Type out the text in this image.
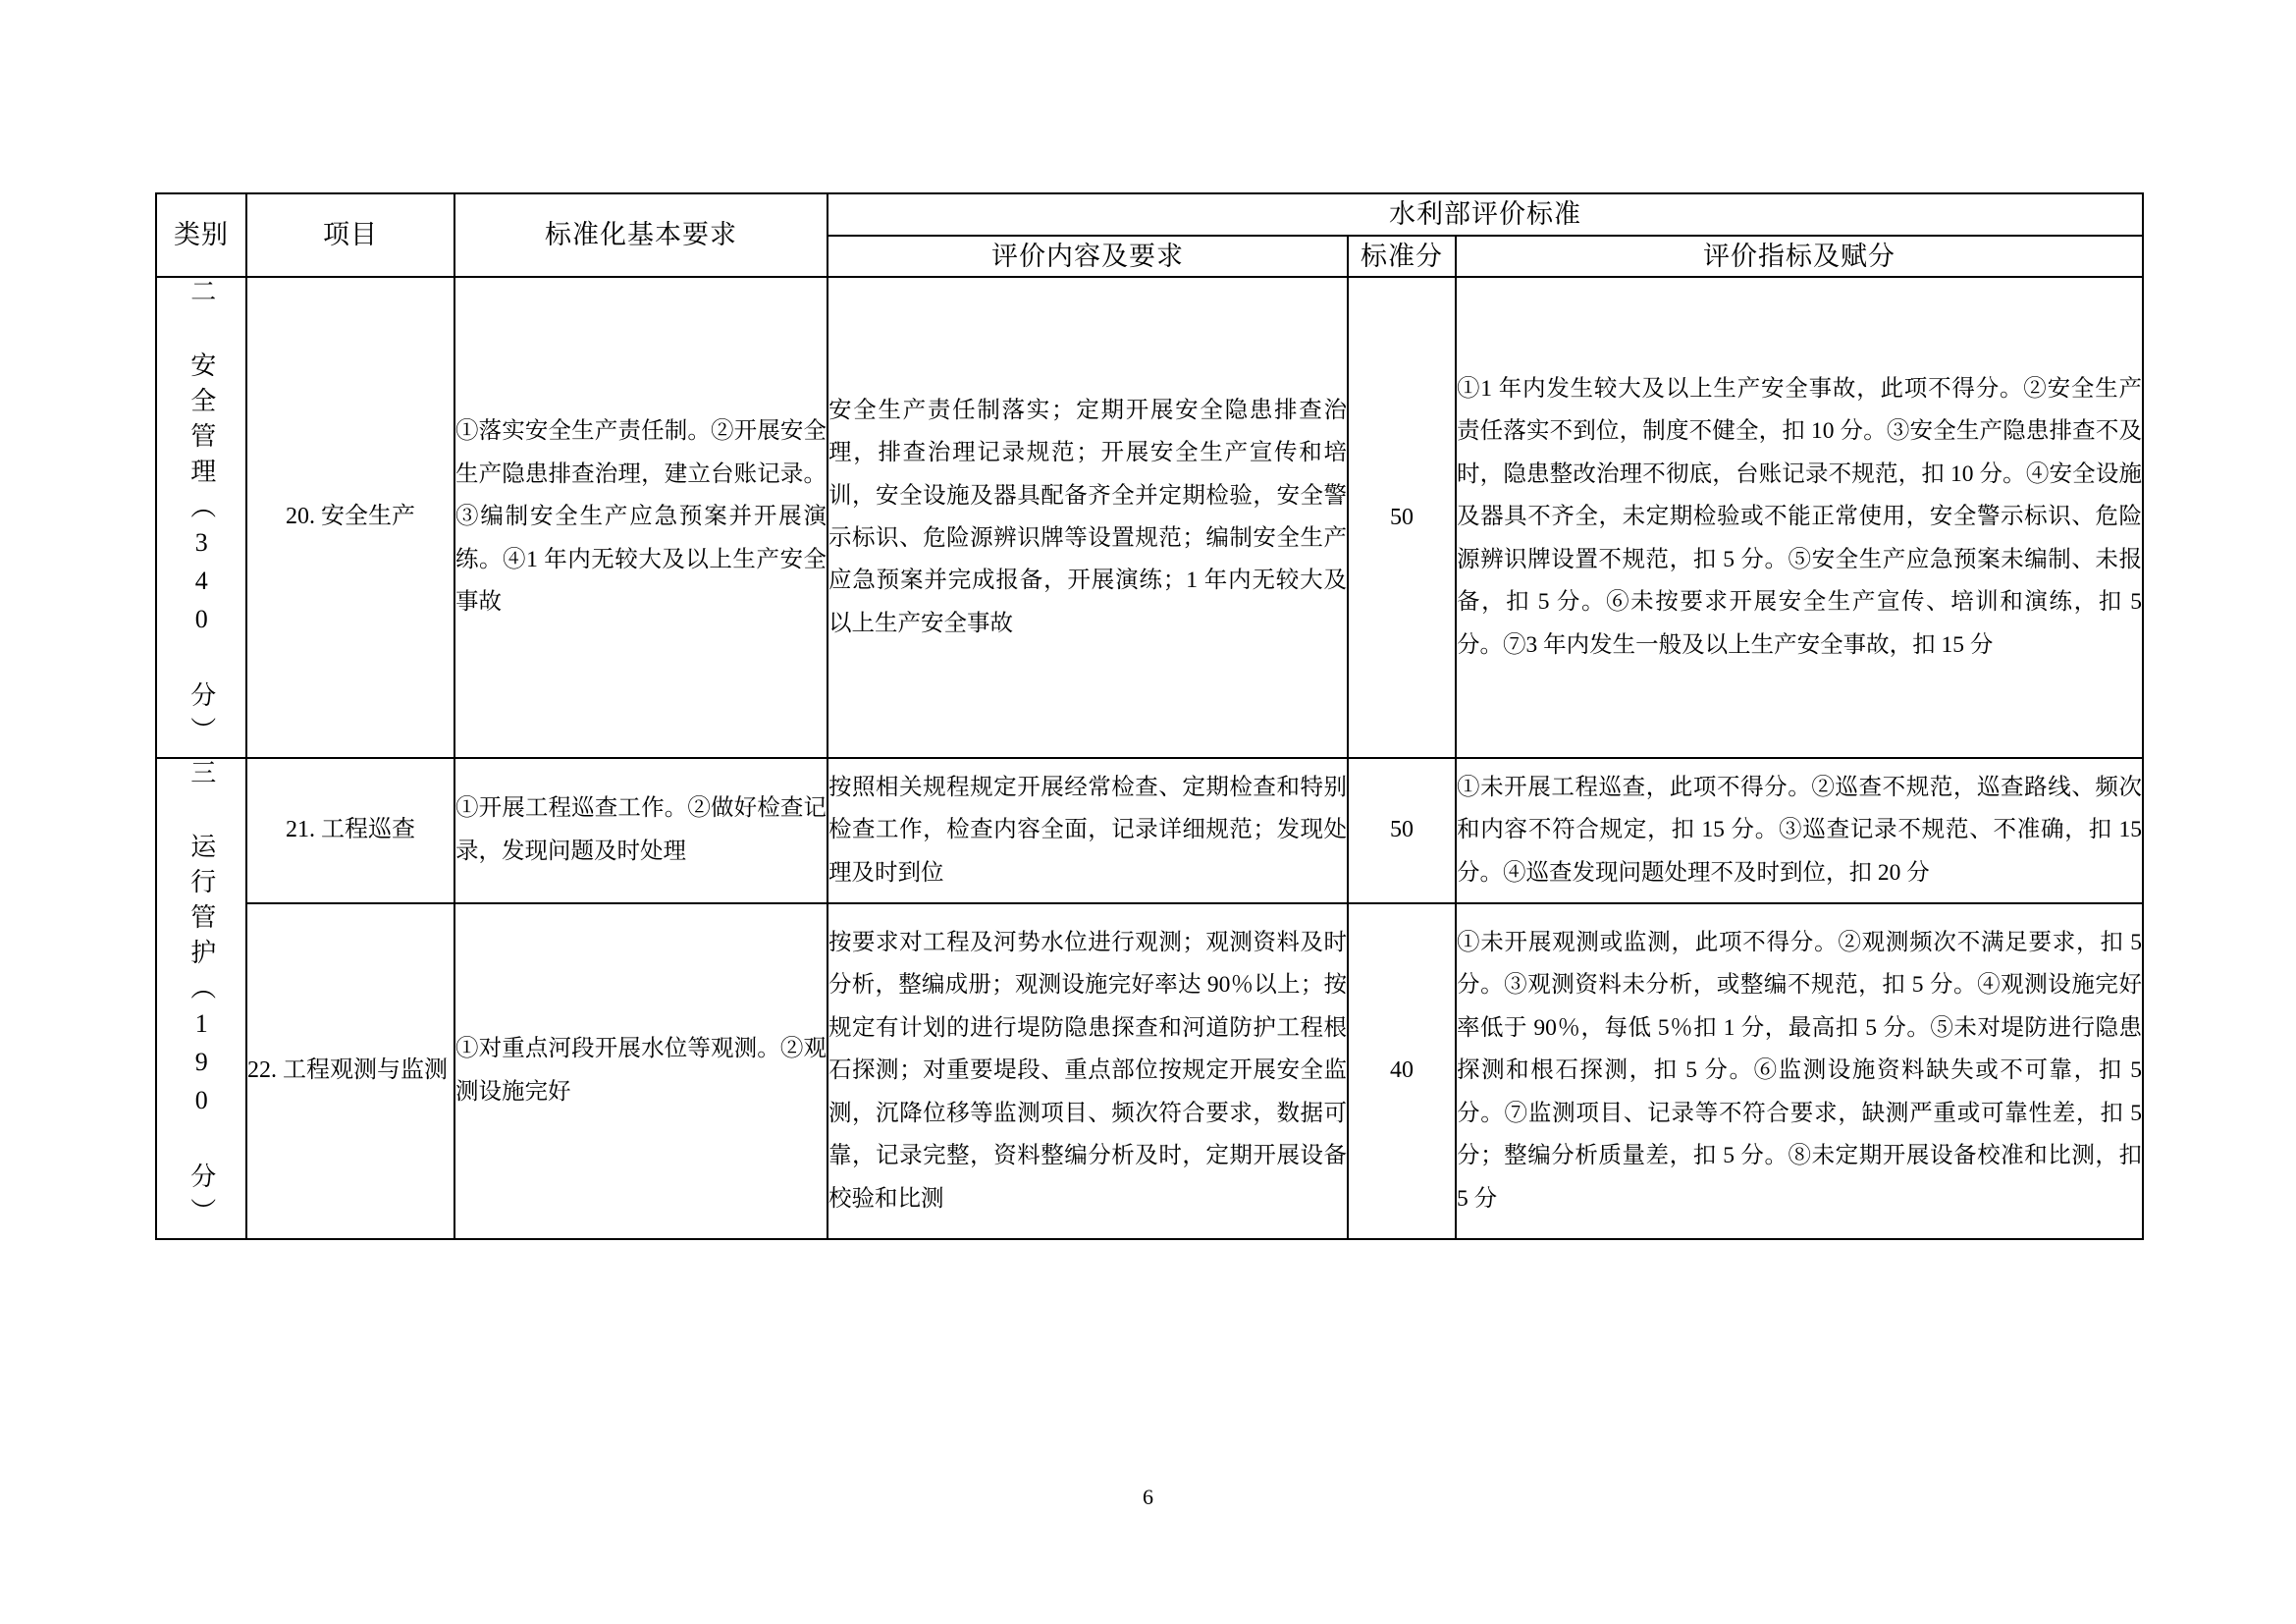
类别	项目	标准化基本要求	水利部评价标准		
			评价内容及要求	标准分	评价指标及赋分
二 安全管理（340 分）	20. 安全生产	①落实安全生产责任制。②开展安全生产隐患排查治理，建立台账记录。③编制安全生产应急预案并开展演练。④1 年内无较大及以上生产安全事故	安全生产责任制落实；定期开展安全隐患排查治理，排查治理记录规范；开展安全生产宣传和培训，安全设施及器具配备齐全并定期检验，安全警示标识、危险源辨识牌等设置规范；编制安全生产应急预案并完成报备，开展演练；1 年内无较大及以上生产安全事故	50	①1 年内发生较大及以上生产安全事故，此项不得分。②安全生产责任落实不到位，制度不健全，扣 10 分。③安全生产隐患排查不及时，隐患整改治理不彻底，台账记录不规范，扣 10 分。④安全设施及器具不齐全，未定期检验或不能正常使用，安全警示标识、危险源辨识牌设置不规范，扣 5 分。⑤安全生产应急预案未编制、未报备，扣 5 分。⑥未按要求开展安全生产宣传、培训和演练，扣 5 分。⑦3 年内发生一般及以上生产安全事故，扣 15 分
三 运行管护（190 分）	21. 工程巡查	①开展工程巡查工作。②做好检查记录，发现问题及时处理	按照相关规程规定开展经常检查、定期检查和特别检查工作，检查内容全面，记录详细规范；发现处理及时到位	50	①未开展工程巡查，此项不得分。②巡查不规范，巡查路线、频次和内容不符合规定，扣 15 分。③巡查记录不规范、不准确，扣 15 分。④巡查发现问题处理不及时到位，扣 20 分
	22. 工程观测与监测	①对重点河段开展水位等观测。②观测设施完好	按要求对工程及河势水位进行观测；观测资料及时分析，整编成册；观测设施完好率达 90％以上；按规定有计划的进行堤防隐患探查和河道防护工程根石探测；对重要堤段、重点部位按规定开展安全监测，沉降位移等监测项目、频次符合要求，数据可靠，记录完整，资料整编分析及时，定期开展设备校验和比测	40	①未开展观测或监测，此项不得分。②观测频次不满足要求，扣 5 分。③观测资料未分析，或整编不规范，扣 5 分。④观测设施完好率低于 90％，每低 5％扣 1 分，最高扣 5 分。⑤未对堤防进行隐患探测和根石探测，扣 5 分。⑥监测设施资料缺失或不可靠，扣 5 分。⑦监测项目、记录等不符合要求，缺测严重或可靠性差，扣 5 分；整编分析质量差，扣 5 分。⑧未定期开展设备校准和比测，扣 5 分
6
